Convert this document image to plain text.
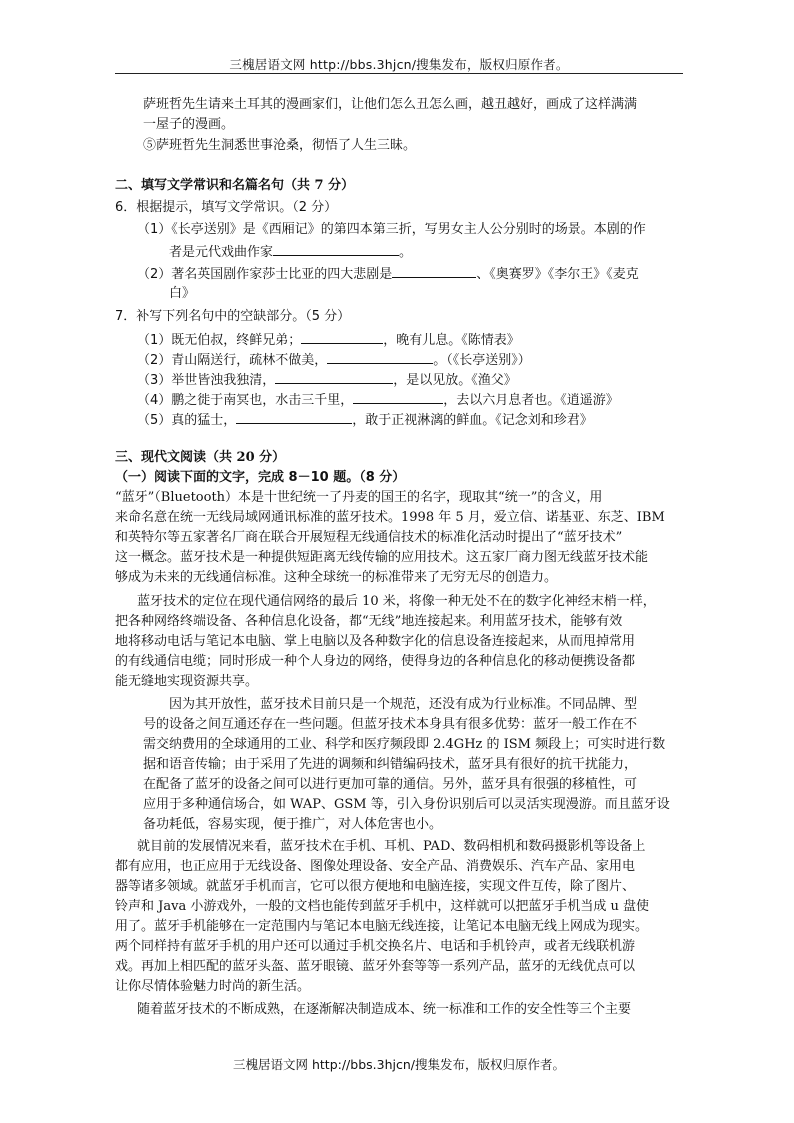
三槐居语文网 http://bbs.3hjcn/搜集发布，版权归原作者。
萨班哲先生请来土耳其的漫画家们，让他们怎么丑怎么画，越丑越好，画成了这样满满
一屋子的漫画。
⑤萨班哲先生洞悉世事沧桑，彻悟了人生三昧。
二、填写文学常识和名篇名句（共 7 分）
6．根据提示，填写文学常识。（2 分）
（1）《长亭送别》是《西厢记》的第四本第三折，写男女主人公分别时的场景。本剧的作
者是元代戏曲作家	。
（2）著名英国剧作家莎士比亚的四大悲剧是	、《奥赛罗》《李尔王》《麦克
白》
7．补写下列名句中的空缺部分。（5 分）
（1）既无伯叔，终鲜兄弟；	，晚有儿息。《陈情表》
（2）青山隔送行，疏林不做美，	。（《长亭送别》）
（3）举世皆浊我独清，	，是以见放。《渔父》
（4）鹏之徙于南冥也，水击三千里，	，去以六月息者也。《逍遥游》
（5）真的猛士，	，敢于正视淋漓的鲜血。《记念刘和珍君》
三、现代文阅读（共 20 分）
（一）阅读下面的文字，完成 8－10 题。（8 分）
“蓝牙”（Bluetooth）本是十世纪统一了丹麦的国王的名字，现取其“统一”的含义，用
来命名意在统一无线局域网通讯标准的蓝牙技术。1998 年 5 月，爱立信、诺基亚、东芝、IBM
和英特尔等五家著名厂商在联合开展短程无线通信技术的标准化活动时提出了“蓝牙技术”
这一概念。蓝牙技术是一种提供短距离无线传输的应用技术。这五家厂商力图无线蓝牙技术能
够成为未来的无线通信标准。这种全球统一的标准带来了无穷无尽的创造力。
蓝牙技术的定位在现代通信网络的最后 10 米，将像一种无处不在的数字化神经末梢一样，
把各种网络终端设备、各种信息化设备，都“无线”地连接起来。利用蓝牙技术，能够有效
地将移动电话与笔记本电脑、掌上电脑以及各种数字化的信息设备连接起来，从而甩掉常用
的有线通信电缆；同时形成一种个人身边的网络，使得身边的各种信息化的移动便携设备都
能无缝地实现资源共享。
因为其开放性，蓝牙技术目前只是一个规范，还没有成为行业标准。不同品牌、型
号的设备之间互通还存在一些问题。但蓝牙技术本身具有很多优势：蓝牙一般工作在不
需交纳费用的全球通用的工业、科学和医疗频段即 2.4GHz 的 ISM 频段上；可实时进行数
据和语音传输；由于采用了先进的调频和纠错编码技术，蓝牙具有很好的抗干扰能力，
在配备了蓝牙的设备之间可以进行更加可靠的通信。另外，蓝牙具有很强的移植性，可
应用于多种通信场合，如 WAP、GSM 等，引入身份识别后可以灵活实现漫游。而且蓝牙设
备功耗低，容易实现，便于推广，对人体危害也小。
就目前的发展情况来看，蓝牙技术在手机、耳机、PAD、数码相机和数码摄影机等设备上
都有应用，也正应用于无线设备、图像处理设备、安全产品、消费娱乐、汽车产品、家用电
器等诸多领域。就蓝牙手机而言，它可以很方便地和电脑连接，实现文件互传，除了图片、
铃声和 Java 小游戏外，一般的文档也能传到蓝牙手机中，这样就可以把蓝牙手机当成 u 盘使
用了。蓝牙手机能够在一定范围内与笔记本电脑无线连接，让笔记本电脑无线上网成为现实。
两个同样持有蓝牙手机的用户还可以通过手机交换名片、电话和手机铃声，或者无线联机游
戏。再加上相匹配的蓝牙头盔、蓝牙眼镜、蓝牙外套等等一系列产品，蓝牙的无线优点可以
让你尽情体验魅力时尚的新生活。
随着蓝牙技术的不断成熟，在逐渐解决制造成本、统一标准和工作的安全性等三个主要
三槐居语文网 http://bbs.3hjcn/搜集发布，版权归原作者。
